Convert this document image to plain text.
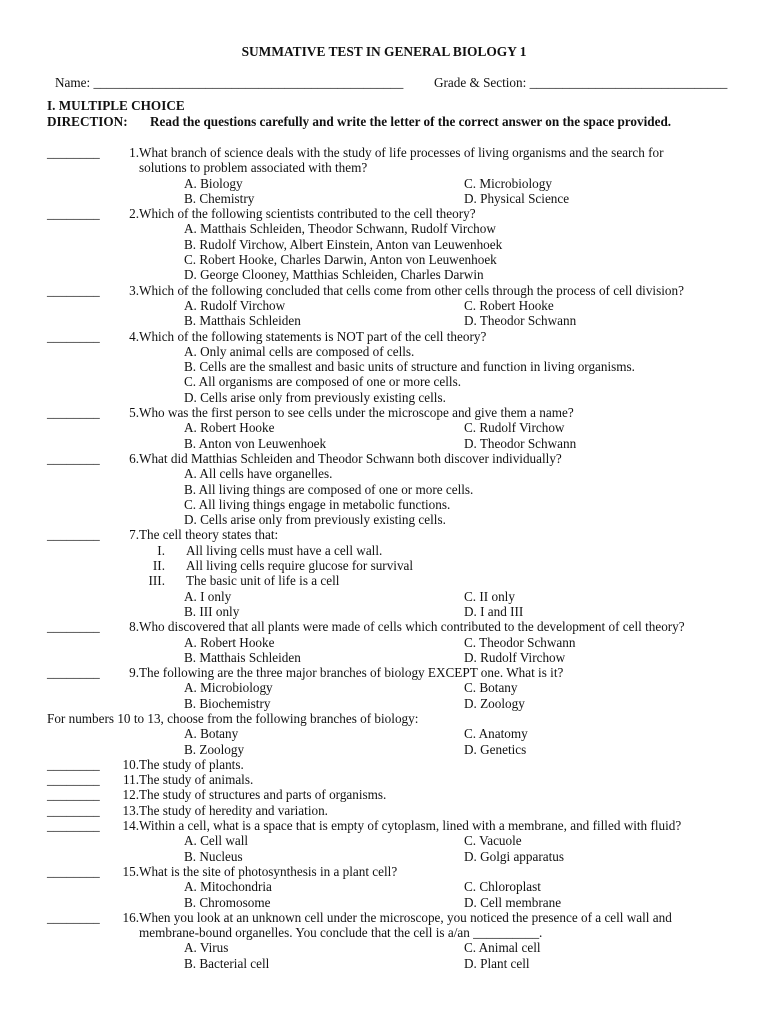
SUMMATIVE TEST IN GENERAL BIOLOGY 1
Name: _______________________________________________ Grade & Section: ______________________________
I. MULTIPLE CHOICE
DIRECTION: Read the questions carefully and write the letter of the correct answer on the space provided.
________ 1. What branch of science deals with the study of life processes of living organisms and the search for
solutions to problem associated with them?
A. Biology	C. Microbiology
B. Chemistry	D. Physical Science
________ 2. Which of the following scientists contributed to the cell theory?
A. Matthais Schleiden, Theodor Schwann, Rudolf Virchow
B. Rudolf Virchow, Albert Einstein, Anton van Leuwenhoek
C. Robert Hooke, Charles Darwin, Anton von Leuwenhoek
D. George Clooney, Matthias Schleiden, Charles Darwin
________ 3. Which of the following concluded that cells come from other cells through the process of cell division?
A. Rudolf Virchow	C. Robert Hooke
B. Matthais Schleiden	D. Theodor Schwann
________ 4. Which of the following statements is NOT part of the cell theory?
A. Only animal cells are composed of cells.
B. Cells are the smallest and basic units of structure and function in living organisms.
C. All organisms are composed of one or more cells.
D. Cells arise only from previously existing cells.
________ 5. Who was the first person to see cells under the microscope and give them a name?
A. Robert Hooke	C. Rudolf Virchow
B. Anton von Leuwenhoek	D. Theodor Schwann
________ 6. What did Matthias Schleiden and Theodor Schwann both discover individually?
A. All cells have organelles.
B. All living things are composed of one or more cells.
C. All living things engage in metabolic functions.
D. Cells arise only from previously existing cells.
________ 7. The cell theory states that:
I. All living cells must have a cell wall.
II. All living cells require glucose for survival
III. The basic unit of life is a cell
A. I only	C. II only
B. III only	D. I and III
________ 8. Who discovered that all plants were made of cells which contributed to the development of cell theory?
A. Robert Hooke	C. Theodor Schwann
B. Matthais Schleiden	D. Rudolf Virchow
________ 9. The following are the three major branches of biology EXCEPT one. What is it?
A. Microbiology	C. Botany
B. Biochemistry	D. Zoology
For numbers 10 to 13, choose from the following branches of biology:
A. Botany	C. Anatomy
B. Zoology	D. Genetics
________ 10. The study of plants.
________ 11. The study of animals.
________ 12. The study of structures and parts of organisms.
________ 13. The study of heredity and variation.
________ 14. Within a cell, what is a space that is empty of cytoplasm, lined with a membrane, and filled with fluid?
A. Cell wall	C. Vacuole
B. Nucleus	D. Golgi apparatus
________ 15. What is the site of photosynthesis in a plant cell?
A. Mitochondria	C. Chloroplast
B. Chromosome	D. Cell membrane
________ 16. When you look at an unknown cell under the microscope, you noticed the presence of a cell wall and
membrane-bound organelles. You conclude that the cell is a/an __________.
A. Virus	C. Animal cell
B. Bacterial cell	D. Plant cell
